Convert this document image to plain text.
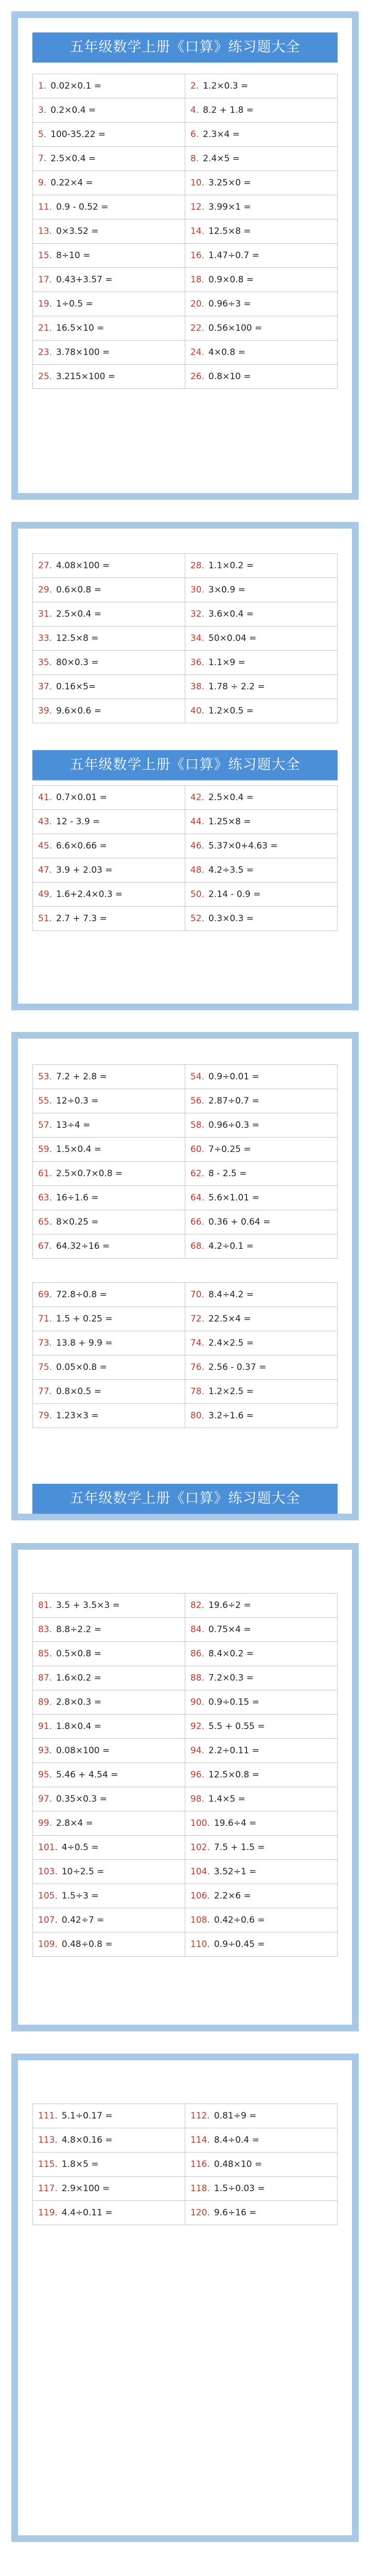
五年级数学上册《口算》练习题大全
1. 0.02×0.1 =	2. 1.2×0.3 =
3. 0.2×0.4 =	4. 8.2 + 1.8 =
5. 100-35.22 =	6. 2.3×4 =
7. 2.5×0.4 =	8. 2.4×5 =
9. 0.22×4 =	10. 3.25×0 =
11. 0.9 - 0.52 =	12. 3.99×1 =
13. 0×3.52 =	14. 12.5×8 =
15. 8÷10 =	16. 1.47÷0.7 =
17. 0.43+3.57 =	18. 0.9×0.8 =
19. 1÷0.5 =	20. 0.96÷3 =
21. 16.5×10 =	22. 0.56×100 =
23. 3.78×100 =	24. 4×0.8 =
25. 3.215×100 =	26. 0.8×10 =
27. 4.08×100 =	28. 1.1×0.2 =
29. 0.6×0.8 =	30. 3×0.9 =
31. 2.5×0.4 =	32. 3.6×0.4 =
33. 12.5×8 =	34. 50×0.04 =
35. 80×0.3 =	36. 1.1×9 =
37. 0.16×5=	38. 1.78 ÷ 2.2 =
39. 9.6×0.6 =	40. 1.2×0.5 =
五年级数学上册《口算》练习题大全
41. 0.7×0.01 =	42. 2.5×0.4 =
43. 12 - 3.9 =	44. 1.25×8 =
45. 6.6×0.66 =	46. 5.37×0+4.63 =
47. 3.9 + 2.03 =	48. 4.2÷3.5 =
49. 1.6+2.4×0.3 =	50. 2.14 - 0.9 =
51. 2.7 + 7.3 =	52. 0.3×0.3 =
53. 7.2 + 2.8 =	54. 0.9÷0.01 =
55. 12÷0.3 =	56. 2.87÷0.7 =
57. 13÷4 =	58. 0.96÷0.3 =
59. 1.5×0.4 =	60. 7÷0.25 =
61. 2.5×0.7×0.8 =	62. 8 - 2.5 =
63. 16÷1.6 =	64. 5.6×1.01 =
65. 8×0.25 =	66. 0.36 + 0.64 =
67. 64.32÷16 =	68. 4.2÷0.1 =
69. 72.8÷0.8 =	70. 8.4÷4.2 =
71. 1.5 + 0.25 =	72. 22.5×4 =
73. 13.8 + 9.9 =	74. 2.4×2.5 =
75. 0.05×0.8 =	76. 2.56 - 0.37 =
77. 0.8×0.5 =	78. 1.2×2.5 =
79. 1.23×3 =	80. 3.2÷1.6 =
五年级数学上册《口算》练习题大全
81. 3.5 + 3.5×3 =	82. 19.6÷2 =
83. 8.8÷2.2 =	84. 0.75×4 =
85. 0.5×0.8 =	86. 8.4×0.2 =
87. 1.6×0.2 =	88. 7.2×0.3 =
89. 2.8×0.3 =	90. 0.9÷0.15 =
91. 1.8×0.4 =	92. 5.5 + 0.55 =
93. 0.08×100 =	94. 2.2÷0.11 =
95. 5.46 + 4.54 =	96. 12.5×0.8 =
97. 0.35×0.3 =	98. 1.4×5 =
99. 2.8×4 =	100. 19.6÷4 =
101. 4÷0.5 =	102. 7.5 + 1.5 =
103. 10÷2.5 =	104. 3.52÷1 =
105. 1.5÷3 =	106. 2.2×6 =
107. 0.42÷7 =	108. 0.42÷0.6 =
109. 0.48÷0.8 =	110. 0.9÷0.45 =
111. 5.1÷0.17 =	112. 0.81÷9 =
113. 4.8×0.16 =	114. 8.4÷0.4 =
115. 1.8×5 =	116. 0.48×10 =
117. 2.9×100 =	118. 1.5÷0.03 =
119. 4.4÷0.11 =	120. 9.6÷16 =
